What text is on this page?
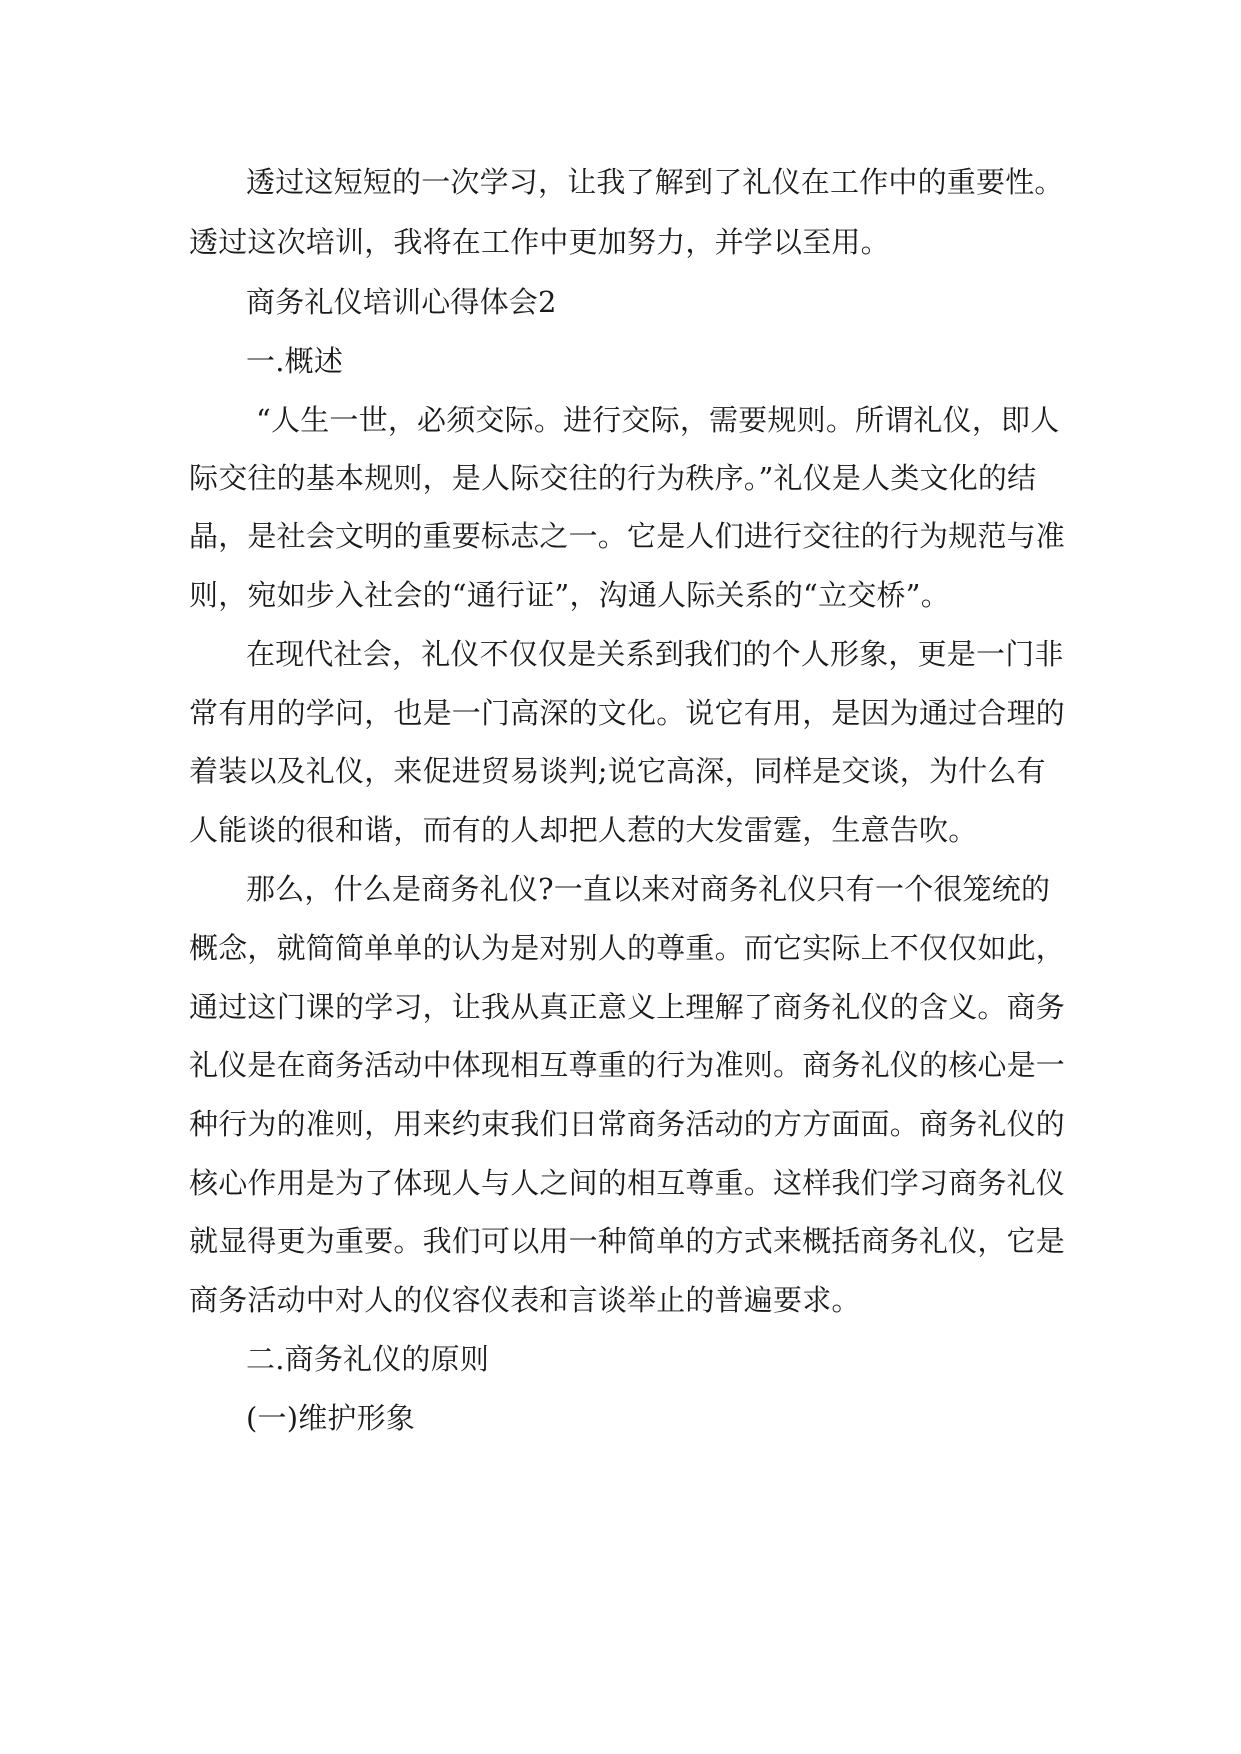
透过这短短的一次学习，让我了解到了礼仪在工作中的重要性。

透过这次培训，我将在工作中更加努力，并学以至用。

商务礼仪培训心得体会2

一.概述

“人生一世，必须交际。进行交际，需要规则。所谓礼仪，即人

际交往的基本规则，是人际交往的行为秩序。”礼仪是人类文化的结

晶，是社会文明的重要标志之一。它是人们进行交往的行为规范与准

则，宛如步入社会的“通行证”，沟通人际关系的“立交桥”。

在现代社会，礼仪不仅仅是关系到我们的个人形象，更是一门非

常有用的学问，也是一门高深的文化。说它有用，是因为通过合理的

着装以及礼仪，来促进贸易谈判;说它高深，同样是交谈，为什么有

人能谈的很和谐，而有的人却把人惹的大发雷霆，生意告吹。

那么，什么是商务礼仪?一直以来对商务礼仪只有一个很笼统的

概念，就简简单单的认为是对别人的尊重。而它实际上不仅仅如此，

通过这门课的学习，让我从真正意义上理解了商务礼仪的含义。商务

礼仪是在商务活动中体现相互尊重的行为准则。商务礼仪的核心是一

种行为的准则，用来约束我们日常商务活动的方方面面。商务礼仪的

核心作用是为了体现人与人之间的相互尊重。这样我们学习商务礼仪

就显得更为重要。我们可以用一种简单的方式来概括商务礼仪，它是

商务活动中对人的仪容仪表和言谈举止的普遍要求。

二.商务礼仪的原则

(一)维护形象
